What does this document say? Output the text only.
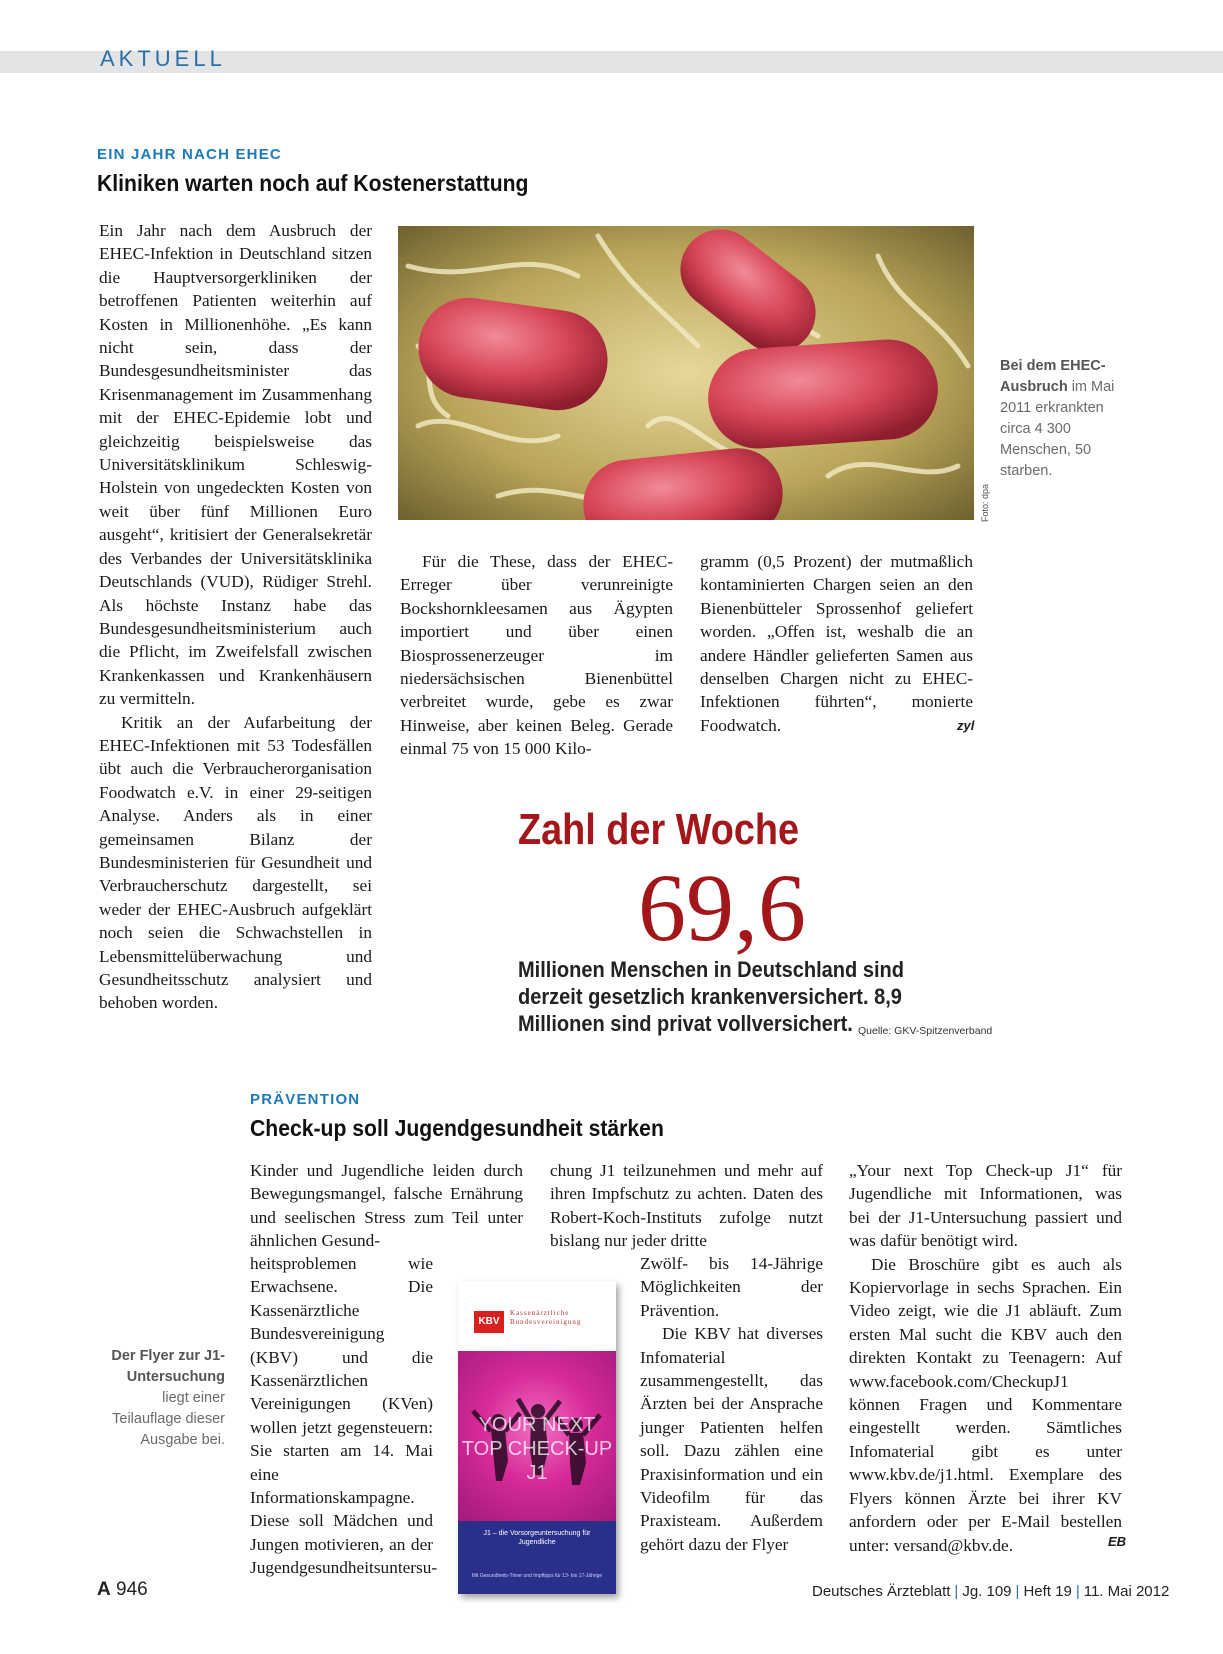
AKTUELL
EIN JAHR NACH EHEC
Kliniken warten noch auf Kostenerstattung

Ein Jahr nach dem Ausbruch der EHEC-Infektion in Deutschland sitzen die Hauptversorgerkliniken der betroffenen Patienten weiterhin auf Kosten in Millionenhöhe. „Es kann nicht sein, dass der Bundesgesundheitsminister das Krisenmanagement im Zusammenhang mit der EHEC-Epidemie lobt und gleichzeitig beispielsweise das Universitätsklinikum Schleswig-Holstein von ungedeckten Kosten von weit über fünf Millionen Euro ausgeht“, kritisiert der Generalsekretär des Verbandes der Universitätsklinika Deutschlands (VUD), Rüdiger Strehl. Als höchste Instanz habe das Bundesgesundheitsministerium auch die Pflicht, im Zweifelsfall zwischen Krankenkassen und Krankenhäusern zu vermitteln.

Kritik an der Aufarbeitung der EHEC-Infektionen mit 53 Todesfällen übt auch die Verbraucherorganisation Foodwatch e.V. in einer 29-seitigen Analyse. Anders als in einer gemeinsamen Bilanz der Bundesministerien für Gesundheit und Verbraucherschutz dargestellt, sei weder der EHEC-Ausbruch aufgeklärt noch seien die Schwachstellen in Lebensmittelüberwachung und Gesundheitsschutz analysiert und behoben worden.

Foto: dpa
Bei dem EHEC-Ausbruch im Mai 2011 erkrankten circa 4 300 Menschen, 50 starben.

Für die These, dass der EHEC-Erreger über verunreinigte Bockshornkleesamen aus Ägypten importiert und über einen Biosprossenerzeuger im niedersächsischen Bienenbüttel verbreitet wurde, gebe es zwar Hinweise, aber keinen Beleg. Gerade einmal 75 von 15 000 Kilo-

gramm (0,5 Prozent) der mutmaßlich kontaminierten Chargen seien an den Bienenbütteler Sprossenhof geliefert worden. „Offen ist, weshalb die an andere Händler gelieferten Samen aus denselben Chargen nicht zu EHEC-Infektionen führten“, monierte Foodwatch.	zyl
Zahl der Woche
69,6
Millionen Menschen in Deutschland sind derzeit gesetzlich krankenversichert. 8,9 Millionen sind privat vollversichert. Quelle: GKV-Spitzenverband
PRÄVENTION
Check-up soll Jugendgesundheit stärken
Der Flyer zur J1-Untersuchung liegt einer Teilauflage dieser Ausgabe bei.

Kinder und Jugendliche leiden durch Bewegungsmangel, falsche Ernährung und seelischen Stress zum Teil unter ähnlichen Gesund-

heitsproblemen wie Erwachsene. Die Kassenärztliche Bundesvereinigung (KBV) und die Kassenärztlichen Vereinigungen (KVen) wollen jetzt gegensteuern: Sie starten am 14. Mai eine Informationskampagne. Diese soll Mädchen und Jungen motivieren, an der Jugendgesundheitsuntersu-

chung J1 teilzunehmen und mehr auf ihren Impfschutz zu achten. Daten des Robert-Koch-Instituts zufolge nutzt bislang nur jeder dritte

Zwölf- bis 14-Jährige Möglichkeiten der Prävention.

Die KBV hat diverses Infomaterial zusammengestellt, das Ärzten bei der Ansprache junger Patienten helfen soll. Dazu zählen eine Praxisinformation und ein Videofilm für das Praxisteam. Außerdem gehört dazu der Flyer

„Your next Top Check-up J1“ für Jugendliche mit Informationen, was bei der J1-Untersuchung passiert und was dafür benötigt wird.

Die Broschüre gibt es auch als Kopiervorlage in sechs Sprachen. Ein Video zeigt, wie die J1 abläuft. Zum ersten Mal sucht die KBV auch den direkten Kontakt zu Teenagern: Auf www.facebook.com/CheckupJ1 können Fragen und Kommentare eingestellt werden. Sämtliches Infomaterial gibt es unter www.kbv.de/j1.html. Exemplare des Flyers können Ärzte bei ihrer KV anfordern oder per E-Mail bestellen unter: versand@kbv.de.	EB
KBV
Kassenärztliche Bundesvereinigung
YOUR NEXT TOP CHECK-UP J1
J1 – die Vorsorgeuntersuchung für Jugendliche
Mit Gesundheits-Timer und Impftipps für 13- bis 17-Jährige
A 946	Deutsches Ärzteblatt | Jg. 109 | Heft 19 | 11. Mai 2012
